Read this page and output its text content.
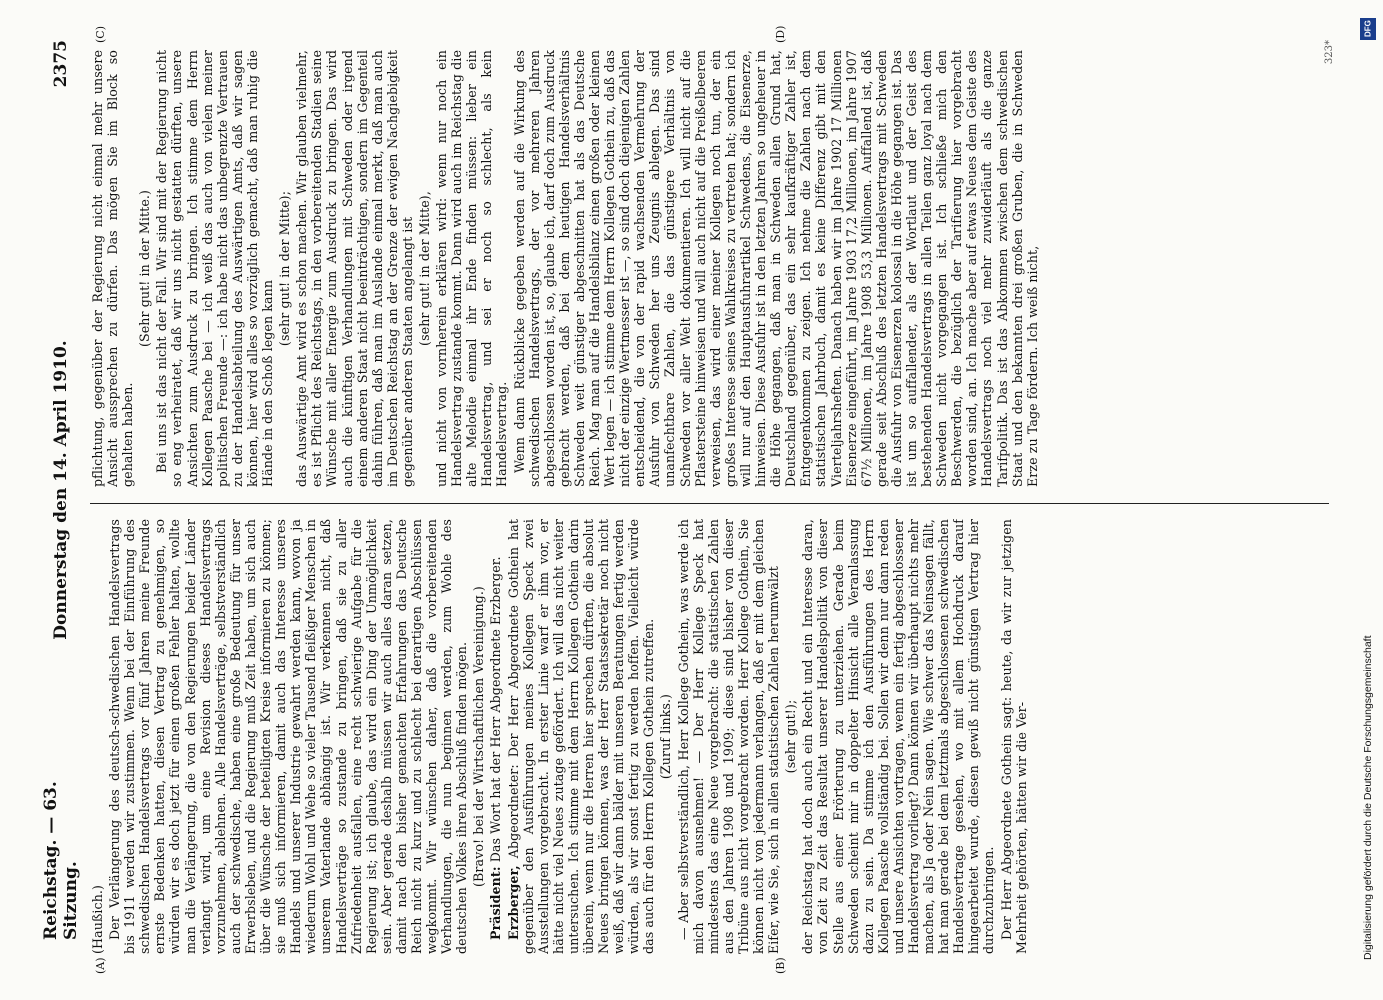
Reichstag. — 63. Sitzung.
Donnerstag den 14. April 1910.
2375
(A)	(B)
(C)	(D)

(Haußich.) Der Verlängerung des deutsch-schwedischen Handelsvertrags bis 1911 werden wir zustimmen. Wenn bei der Einführung des schwedischen Handelsvertrags vor fünf Jahren meine Freunde ernste Bedenken hatten, diesen Vertrag zu genehmigen, so würden wir es doch jetzt für einen großen Fehler halten, wollte man die Verlängerung, die von den Regierungen beider Länder verlangt wird, um eine Revision dieses Handelsvertrags vorzunehmen, ablehnen. Alle Handelsverträge, selbstverständlich auch der schwedische, haben eine große Bedeutung für unser Erwerbsleben, und die Regierung muß Zeit haben, um sich auch über die Wünsche der beteiligten Kreise informieren zu können; sie muß sich informieren, damit auch das Interesse unseres Handels und unserer Industrie gewahrt werden kann, wovon ja wiederum Wohl und Wehe so vieler Tausend fleißiger Menschen in unserem Vaterlande abhängig ist. Wir verkennen nicht, daß Handelsverträge so zustande zu bringen, daß sie zu aller Zufriedenheit ausfallen, eine recht schwierige Aufgabe für die Regierung ist; ich glaube, das wird ein Ding der Unmöglichkeit sein. Aber gerade deshalb müssen wir auch alles daran setzen, damit nach den bisher gemachten Erfahrungen das Deutsche Reich nicht zu kurz und zu schlecht bei derartigen Abschlüssen wegkommt. Wir wünschen daher, daß die vorbereitenden Verhandlungen, die nun beginnen werden, zum Wohle des deutschen Volkes ihren Abschluß finden mögen. (Bravo! bei der Wirtschaftlichen Vereinigung.)

Präsident: Das Wort hat der Herr Abgeordnete Erzberger.

Erzberger, Abgeordneter: Der Herr Abgeordnete Gothein hat gegenüber den Ausführungen meines Kollegen Speck zwei Ausstellungen vorgebracht. In erster Linie warf er ihm vor, er hätte nicht viel Neues zutage gefördert. Ich will das nicht weiter untersuchen. Ich stimme mit dem Herrn Kollegen Gothein darin überein, wenn nur die Herren hier sprechen dürften, die absolut Neues bringen können, was der Herr Staatssekretär noch nicht weiß, daß wir dann bälder mit unseren Beratungen fertig werden würden, als wir sonst fertig zu werden hoffen. Vielleicht würde das auch für den Herrn Kollegen Gothein zutreffen. (Zuruf links.) — Aber selbstverständlich, Herr Kollege Gothein, was werde ich mich davon ausnehmen! — Der Herr Kollege Speck hat mindestens das eine Neue vorgebracht: die statistischen Zahlen aus den Jahren 1908 und 1909; diese sind bisher von dieser Tribüne aus nicht vorgebracht worden. Herr Kollege Gothein, Sie können nicht von jedermann verlangen, daß er mit dem gleichen Eifer, wie Sie, sich in allen statistischen Zahlen herumwälzt (sehr gut!); der Reichstag hat doch auch ein Recht und ein Interesse daran, von Zeit zu Zeit das Resultat unserer Handelspolitik von dieser Stelle aus einer Erörterung zu unterziehen. Gerade beim Schweden scheint mir in doppelter Hinsicht alle Veranlassung dazu zu sein. Da stimme ich den Ausführungen des Herrn Kollegen Paasche vollständig bei. Sollen wir denn nur dann reden und unsere Ansichten vortragen, wenn ein fertig abgeschlossener Handelsvertrag vorliegt? Dann können wir überhaupt nichts mehr machen, als Ja oder Nein sagen. Wie schwer das Neinsagen fällt, hat man gerade bei dem letztmals abgeschlossenen schwedischen Handelsvertrage gesehen, wo mit allem Hochdruck darauf hingearbeitet wurde, diesen gewiß nicht günstigen Vertrag hier durchzubringen. Der Herr Abgeordnete Gothein sagt: heute, da wir zur jetzigen Mehrheit gehörten, hätten wir die Ver-

pflichtung, gegenüber der Regierung nicht einmal mehr unsere Ansicht aussprechen zu dürfen. Das mögen Sie im Block so gehalten haben.

(Sehr gut! in der Mitte.) Bei uns ist das nicht der Fall. Wir sind mit der Regierung nicht so eng verheiratet, daß wir uns nicht gestatten dürften, unsere Ansichten zum Ausdruck zu bringen. Ich stimme dem Herrn Kollegen Paasche bei — ich weiß das auch von vielen meiner politischen Freunde —: ich habe nicht das unbegrenzte Vertrauen zu der Handelsabteilung des Auswärtigen Amts, daß wir sagen können, hier wird alles so vorzüglich gemacht, daß man ruhig die Hände in den Schoß legen kann

(sehr gut! in der Mitte); das Auswärtige Amt wird es schon machen. Wir glauben vielmehr, es ist Pflicht des Reichstags, in den vorbereitenden Stadien seine Wünsche mit aller Energie zum Ausdruck zu bringen. Das wird auch die künftigen Verhandlungen mit Schweden oder irgend einem anderen Staat nicht beeinträchtigen, sondern im Gegenteil dahin führen, daß man im Auslande einmal merkt, daß man auch im Deutschen Reichstag an der Grenze der ewigen Nachgiebigkeit gegenüber anderen Staaten angelangt ist (sehr gut! in der Mitte), und nicht von vornherein erklären wird: wenn nur noch ein Handelsvertrag zustande kommt. Dann wird auch im Reichstag die alte Melodie einmal ihr Ende finden müssen: lieber ein Handelsvertrag, und sei er noch so schlecht, als kein Handelsvertrag. Wenn dann Rückblicke gegeben werden auf die Wirkung des schwedischen Handelsvertrags, der vor mehreren Jahren abgeschlossen worden ist, so, glaube ich, darf doch zum Ausdruck gebracht werden, daß bei dem heutigen Handelsverhältnis Schweden weit günstiger abgeschnitten hat als das Deutsche Reich. Mag man auf die Handelsbilanz einen großen oder kleinen Wert legen — ich stimme dem Herrn Kollegen Gothein zu, daß das nicht der einzige Wertmesser ist —, so sind doch diejenigen Zahlen entscheidend, die von der rapid wachsenden Vermehrung der Ausfuhr von Schweden her uns Zeugnis ablegen. Das sind unanfechtbare Zahlen, die das günstigere Verhältnis von Schweden vor aller Welt dokumentieren. Ich will nicht auf die Pflastersteine hinweisen und will auch nicht auf die Preißelbeeren verweisen, das wird einer meiner Kollegen noch tun, der ein großes Interesse seines Wahlkreises zu vertreten hat; sondern ich will nur auf den Hauptausfuhrartikel Schwedens, die Eisenerze, hinweisen. Diese Ausfuhr ist in den letzten Jahren so ungeheuer in die Höhe gegangen, daß man in Schweden allen Grund hat, Deutschland gegenüber, das ein sehr kaufkräftiger Zahler ist, Entgegenkommen zu zeigen. Ich nehme die Zahlen nach dem statistischen Jahrbuch, damit es keine Differenz gibt mit den Vierteljahrsheften. Danach haben wir im Jahre 1902 17 Millionen Eisenerze eingeführt, im Jahre 1903 17,2 Millionen, im Jahre 1907 67½ Millionen, im Jahre 1908 53,3 Millionen. Auffallend ist, daß gerade seit Abschluß des letzten Handelsvertrags mit Schweden die Ausfuhr von Eisenerzen kolossal in die Höhe gegangen ist. Das ist um so auffallender, als der Wortlaut und der Geist des bestehenden Handelsvertrags in allen Teilen ganz loyal nach dem Schweden nicht vorgegangen ist. Ich schließe mich den Beschwerden, die bezüglich der Tarifierung hier vorgebracht worden sind, an. Ich mache aber auf etwas Neues dem Geiste des Handelsvertrags noch viel mehr zuwiderläuft als die ganze Tarifpolitik. Das ist das Abkommen zwischen dem schwedischen Staat und den bekannten drei großen Gruben, die in Schweden Erze zu Tage fördern. Ich weiß nicht,

323*
DFG
Digitalisierung gefördert durch die Deutsche Forschungsgemeinschaft
